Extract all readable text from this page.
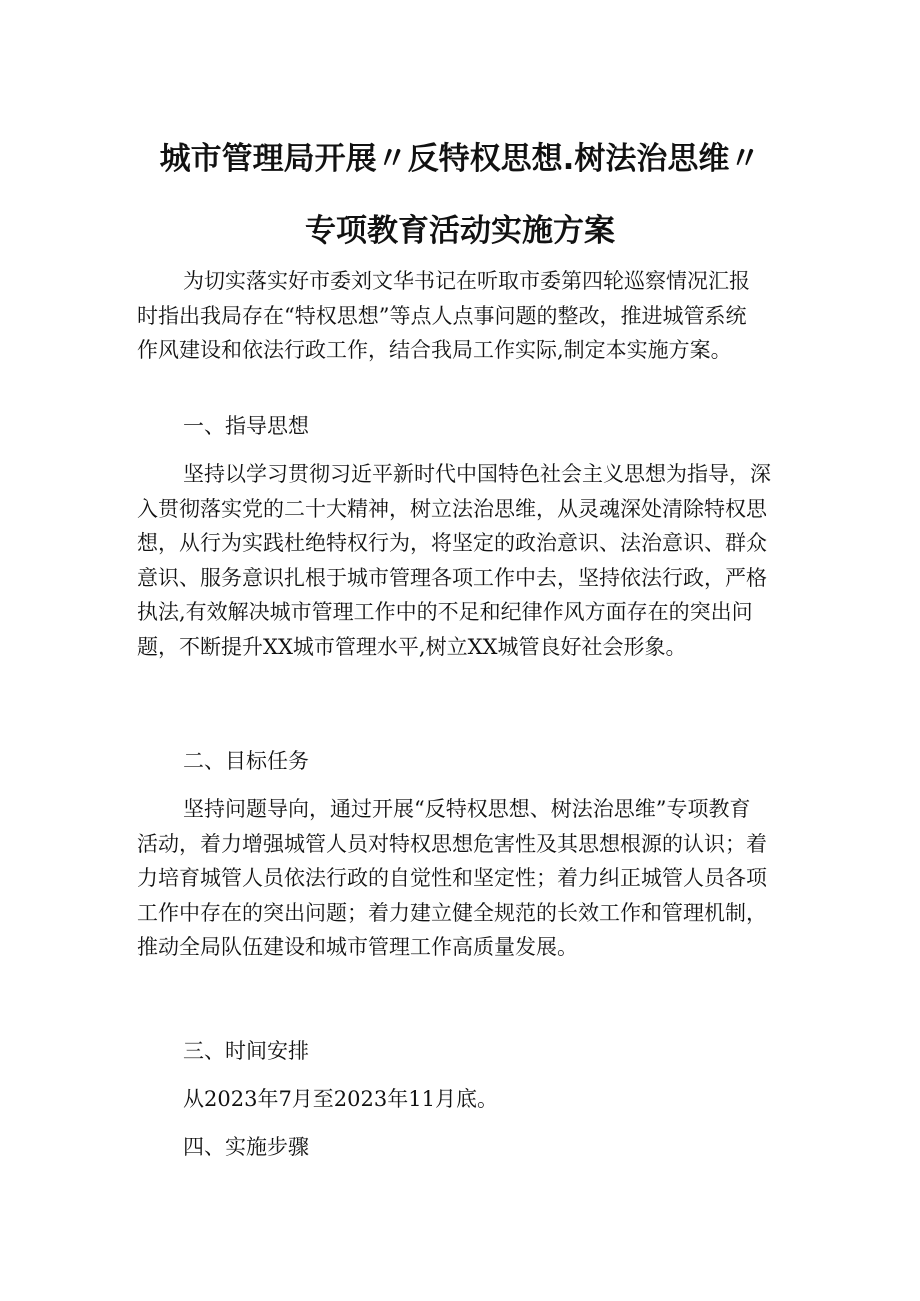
城市管理局开展〃反特权思想.树法治思维〃
专项教育活动实施方案
为切实落实好市委刘文华书记在听取市委第四轮巡察情况汇报
时指出我局存在“特权思想”等点人点事问题的整改，推进城管系统
作风建设和依法行政工作，结合我局工作实际,制定本实施方案。
一、指导思想
坚持以学习贯彻习近平新时代中国特色社会主义思想为指导，深
入贯彻落实党的二十大精神，树立法治思维，从灵魂深处清除特权思
想，从行为实践杜绝特权行为，将坚定的政治意识、法治意识、群众
意识、服务意识扎根于城市管理各项工作中去，坚持依法行政，严格
执法,有效解决城市管理工作中的不足和纪律作风方面存在的突出问
题，不断提升XX城市管理水平,树立XX城管良好社会形象。
二、目标任务
坚持问题导向，通过开展“反特权思想、树法治思维”专项教育
活动，着力增强城管人员对特权思想危害性及其思想根源的认识；着
力培育城管人员依法行政的自觉性和坚定性；着力纠正城管人员各项
工作中存在的突出问题；着力建立健全规范的长效工作和管理机制，
推动全局队伍建设和城市管理工作高质量发展。
三、时间安排
从2023年7月至2023年11月底。
四、实施步骤
